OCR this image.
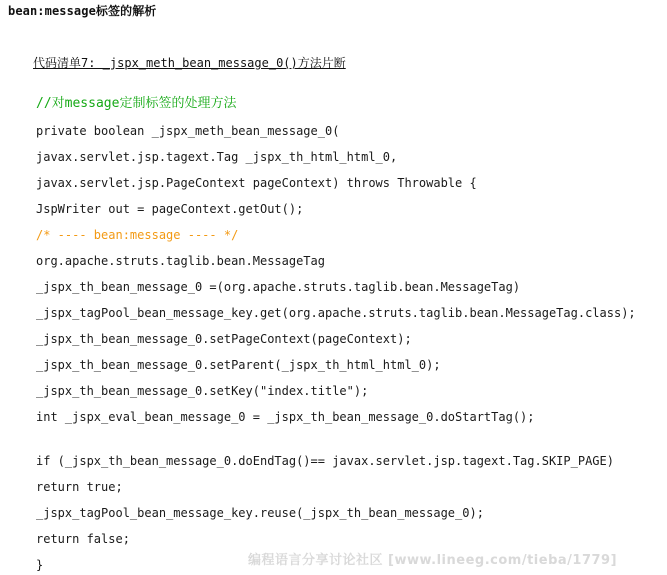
bean:message标签的解析
代码清单7: _jspx_meth_bean_message_0()方法片断
//对message定制标签的处理方法
private boolean _jspx_meth_bean_message_0(
javax.servlet.jsp.tagext.Tag _jspx_th_html_html_0,
javax.servlet.jsp.PageContext pageContext) throws Throwable {
JspWriter out = pageContext.getOut();
/* ---- bean:message ---- */
org.apache.struts.taglib.bean.MessageTag
_jspx_th_bean_message_0 =(org.apache.struts.taglib.bean.MessageTag)
_jspx_tagPool_bean_message_key.get(org.apache.struts.taglib.bean.MessageTag.class);
_jspx_th_bean_message_0.setPageContext(pageContext);
_jspx_th_bean_message_0.setParent(_jspx_th_html_html_0);
_jspx_th_bean_message_0.setKey("index.title");
int _jspx_eval_bean_message_0 = _jspx_th_bean_message_0.doStartTag();
if (_jspx_th_bean_message_0.doEndTag()== javax.servlet.jsp.tagext.Tag.SKIP_PAGE)
return true;
_jspx_tagPool_bean_message_key.reuse(_jspx_th_bean_message_0);
return false;
}	编程语言分享讨论社区 [www.lineeg.com/tieba/1779]
